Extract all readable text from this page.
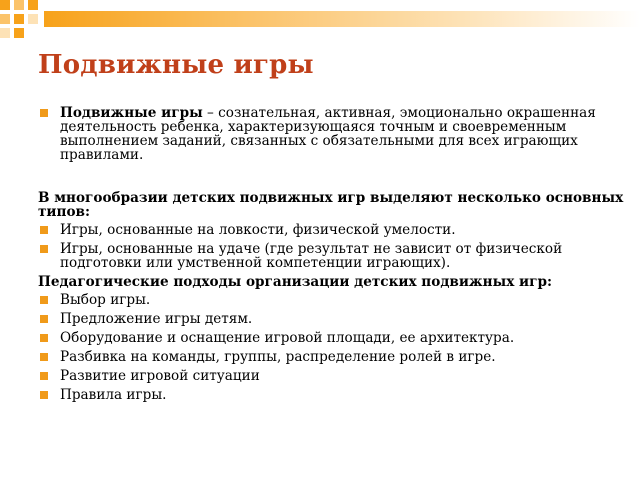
Подвижные игры
Подвижные игры – сознательная, активная, эмоционально окрашенная деятельность ребенка, характеризующаяся точным и своевременным выполнением заданий, связанных с обязательными для всех играющих правилами.
В многообразии детских подвижных игр выделяют несколько основных типов:
Игры, основанные на ловкости, физической умелости.
Игры, основанные на удаче (где результат не зависит от физической подготовки или умственной компетенции играющих).
Педагогические подходы организации детских подвижных игр:
Выбор игры.
Предложение игры детям.
Оборудование и оснащение игровой площади, ее архитектура.
Разбивка на команды, группы, распределение ролей в игре.
Развитие игровой ситуации
Правила игры.
